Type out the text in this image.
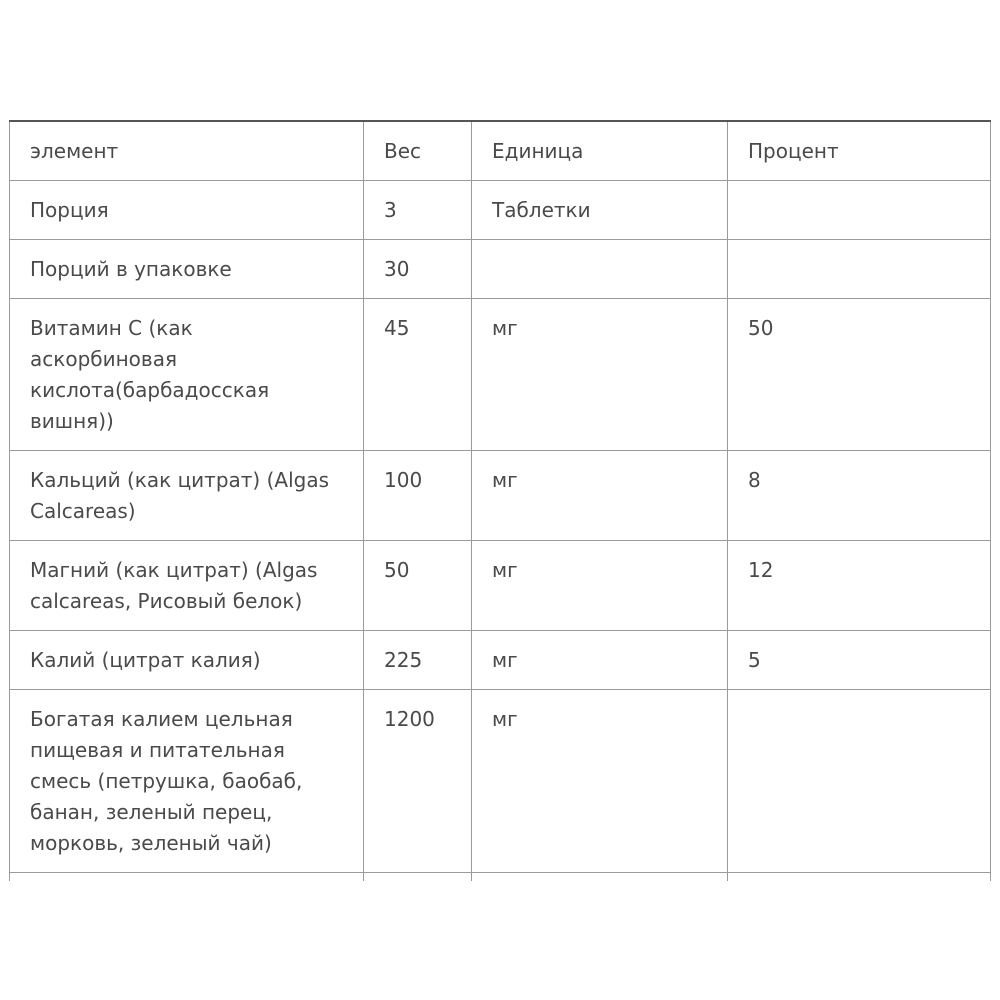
элемент	Вес	Единица	Процент
Порция	3	Таблетки	
Порций в упаковке	30		
Витамин С (как аскорбиновая кислота(барбадосская вишня))	45	мг	50
Кальций (как цитрат) (Algas Calcareas)	100	мг	8
Магний (как цитрат) (Algas calcareas, Рисовый белок)	50	мг	12
Калий (цитрат калия)	225	мг	5
Богатая калием цельная пищевая и питательная смесь (петрушка, баобаб, банан, зеленый перец, морковь, зеленый чай)	1200	мг	
